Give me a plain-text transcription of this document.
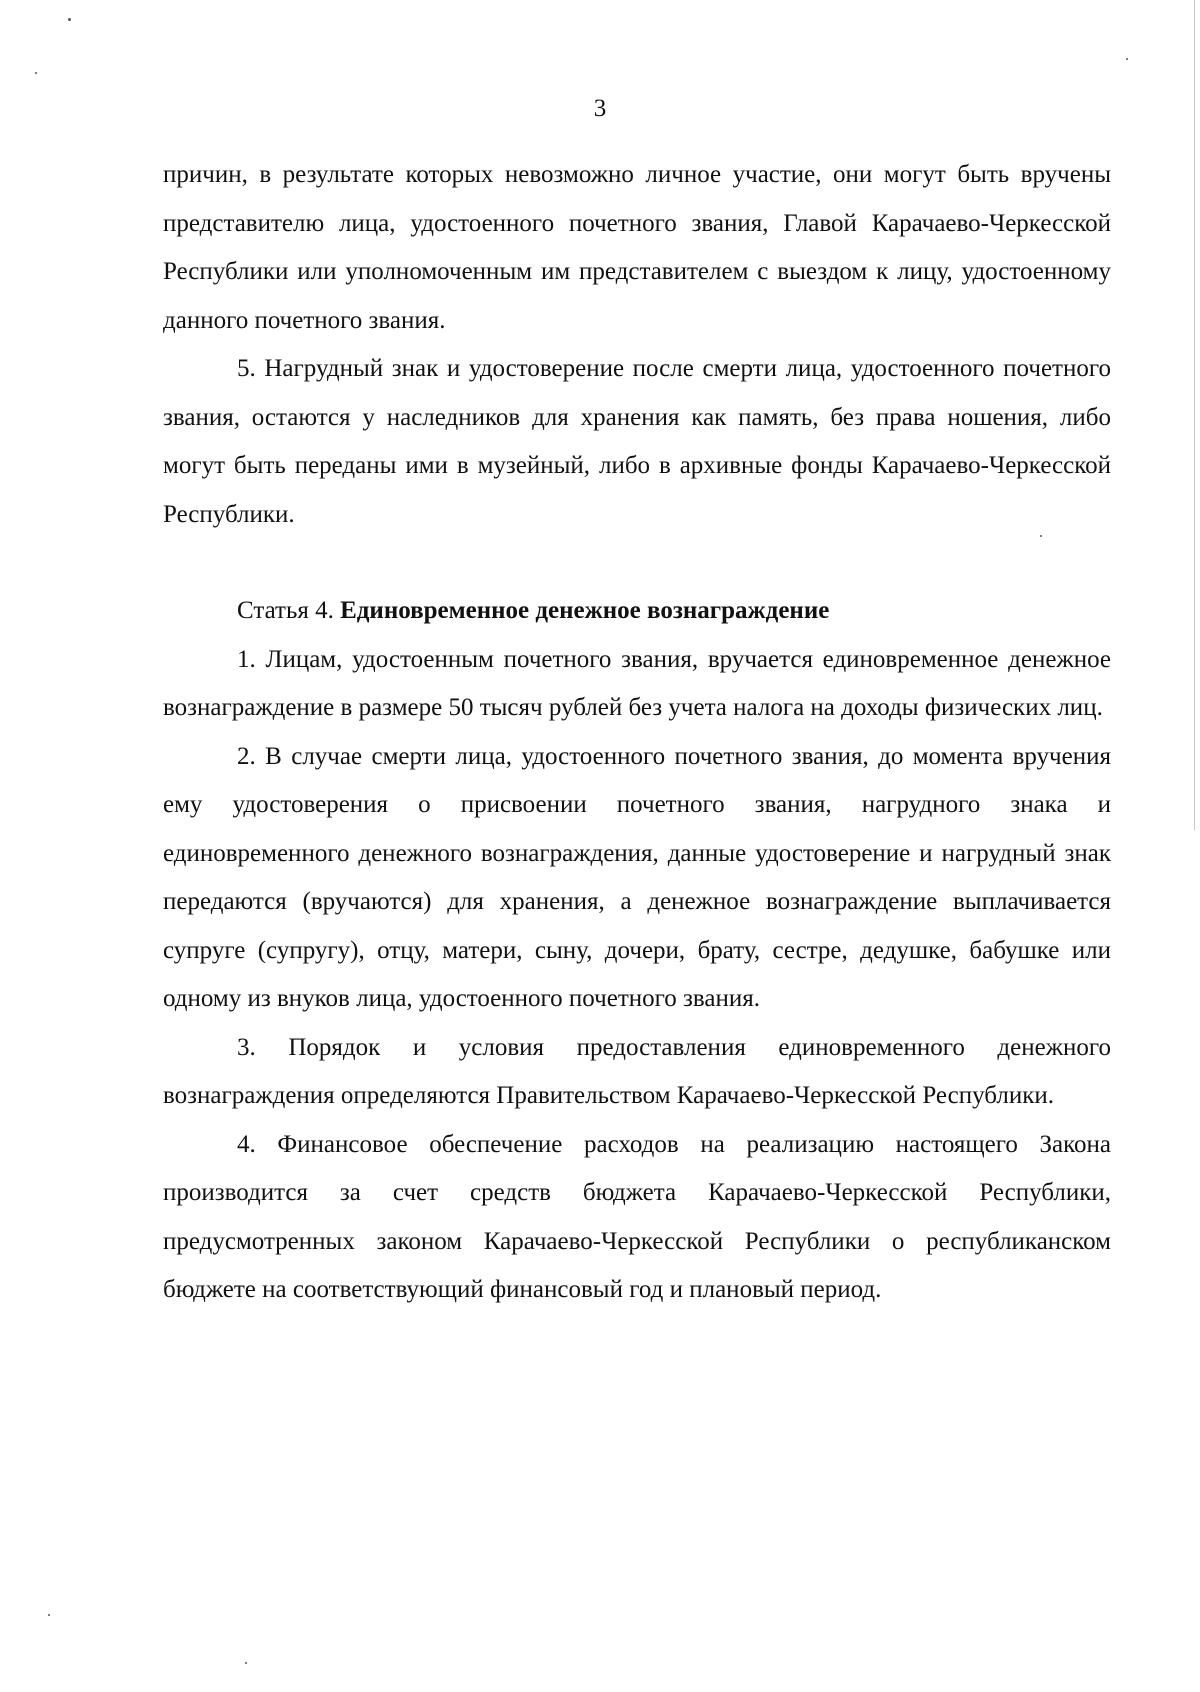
3

причин, в результате которых невозможно личное участие, они могут быть вручены представителю лица, удостоенного почетного звания, Главой Карачаево-Черкесской Республики или уполномоченным им представителем с выездом к лицу, удостоенному данного почетного звания.

5. Нагрудный знак и удостоверение после смерти лица, удостоенного почетного звания, остаются у наследников для хранения как память, без права ношения, либо могут быть переданы ими в музейный, либо в архивные фонды Карачаево-Черкесской Республики.

Статья 4. Единовременное денежное вознаграждение

1. Лицам, удостоенным почетного звания, вручается единовременное денежное вознаграждение в размере 50 тысяч рублей без учета налога на доходы физических лиц.

2. В случае смерти лица, удостоенного почетного звания, до момента вручения ему удостоверения о присвоении почетного звания, нагрудного знака и единовременного денежного вознаграждения, данные удостоверение и нагрудный знак передаются (вручаются) для хранения, а денежное вознаграждение выплачивается супруге (супругу), отцу, матери, сыну, дочери, брату, сестре, дедушке, бабушке или одному из внуков лица, удостоенного почетного звания.

3. Порядок и условия предоставления единовременного денежного вознаграждения определяются Правительством Карачаево-Черкесской Республики.

4. Финансовое обеспечение расходов на реализацию настоящего Закона производится за счет средств бюджета Карачаево-Черкесской Республики, предусмотренных законом Карачаево-Черкесской Республики о республиканском бюджете на соответствующий финансовый год и плановый период.
